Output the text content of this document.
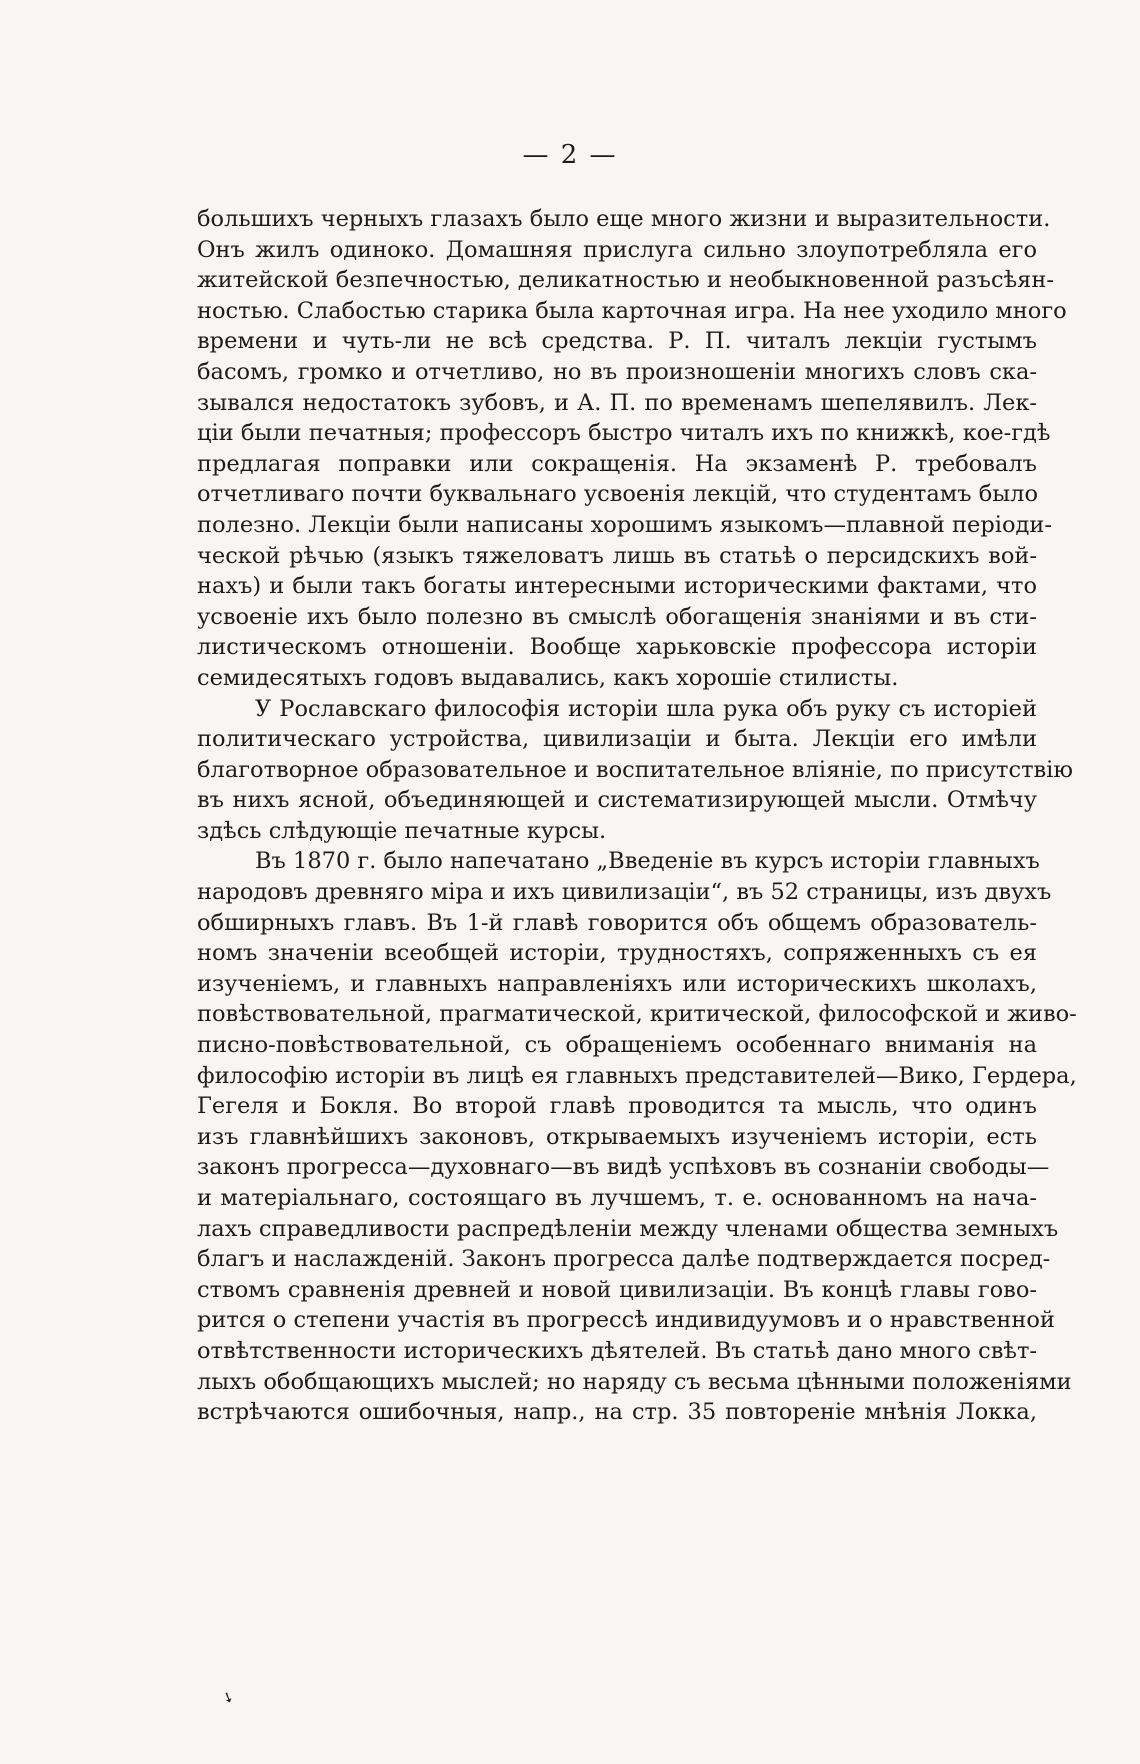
— 2 —
большихъ черныхъ глазахъ было еще много жизни и выразительности.
Онъ жилъ одиноко. Домашняя прислуга сильно злоупотребляла его
житейской безпечностью, деликатностью и необыкновенной разъсѣян-
ностью. Слабостью старика была карточная игра. На нее уходило много
времени и чуть-ли не всѣ средства. Р. П. читалъ лекціи густымъ
басомъ, громко и отчетливо, но въ произношеніи многихъ словъ ска-
зывался недостатокъ зубовъ, и А. П. по временамъ шепелявилъ. Лек-
ціи были печатныя; профессоръ быстро читалъ ихъ по книжкѣ, кое-гдѣ
предлагая поправки или сокращенія. На экзаменѣ Р. требовалъ
отчетливаго почти буквальнаго усвоенія лекцій, что студентамъ было
полезно. Лекціи были написаны хорошимъ языкомъ—плавной періоди-
ческой рѣчью (языкъ тяжеловатъ лишь въ статьѣ о персидскихъ вой-
нахъ) и были такъ богаты интересными историческими фактами, что
усвоеніе ихъ было полезно въ смыслѣ обогащенія знаніями и въ сти-
листическомъ отношеніи. Вообще харьковскіе профессора исторіи
семидесятыхъ годовъ выдавались, какъ хорошіе стилисты.
У Рославскаго философія исторіи шла рука объ руку съ исторіей
политическаго устройства, цивилизаціи и быта. Лекціи его имѣли
благотворное образовательное и воспитательное вліяніе, по присутствію
въ нихъ ясной, объединяющей и систематизирующей мысли. Отмѣчу
здѣсь слѣдующіе печатные курсы.
Въ 1870 г. было напечатано „Введеніе въ курсъ исторіи главныхъ
народовъ древняго міра и ихъ цивилизаціи“, въ 52 страницы, изъ двухъ
обширныхъ главъ. Въ 1-й главѣ говорится объ общемъ образователь-
номъ значеніи всеобщей исторіи, трудностяхъ, сопряженныхъ съ ея
изученіемъ, и главныхъ направленіяхъ или историческихъ школахъ,
повѣствовательной, прагматической, критической, философской и живо-
писно-повѣствовательной, съ обращеніемъ особеннаго вниманія на
философію исторіи въ лицѣ ея главныхъ представителей—Вико, Гердера,
Гегеля и Бокля. Во второй главѣ проводится та мысль, что одинъ
изъ главнѣйшихъ законовъ, открываемыхъ изученіемъ исторіи, есть
законъ прогресса—духовнаго—въ видѣ успѣховъ въ сознаніи свободы—
и матеріальнаго, состоящаго въ лучшемъ, т. е. основанномъ на нача-
лахъ справедливости распредѣленіи между членами общества земныхъ
благъ и наслажденій. Законъ прогресса далѣе подтверждается посред-
ствомъ сравненія древней и новой цивилизаціи. Въ концѣ главы гово-
рится о степени участія въ прогрессѣ индивидуумовъ и о нравственной
отвѣтственности историческихъ дѣятелей. Въ статьѣ дано много свѣт-
лыхъ обобщающихъ мыслей; но наряду съ весьма цѣнными положеніями
встрѣчаются ошибочныя, напр., на стр. 35 повтореніе мнѣнія Локка,
➘
